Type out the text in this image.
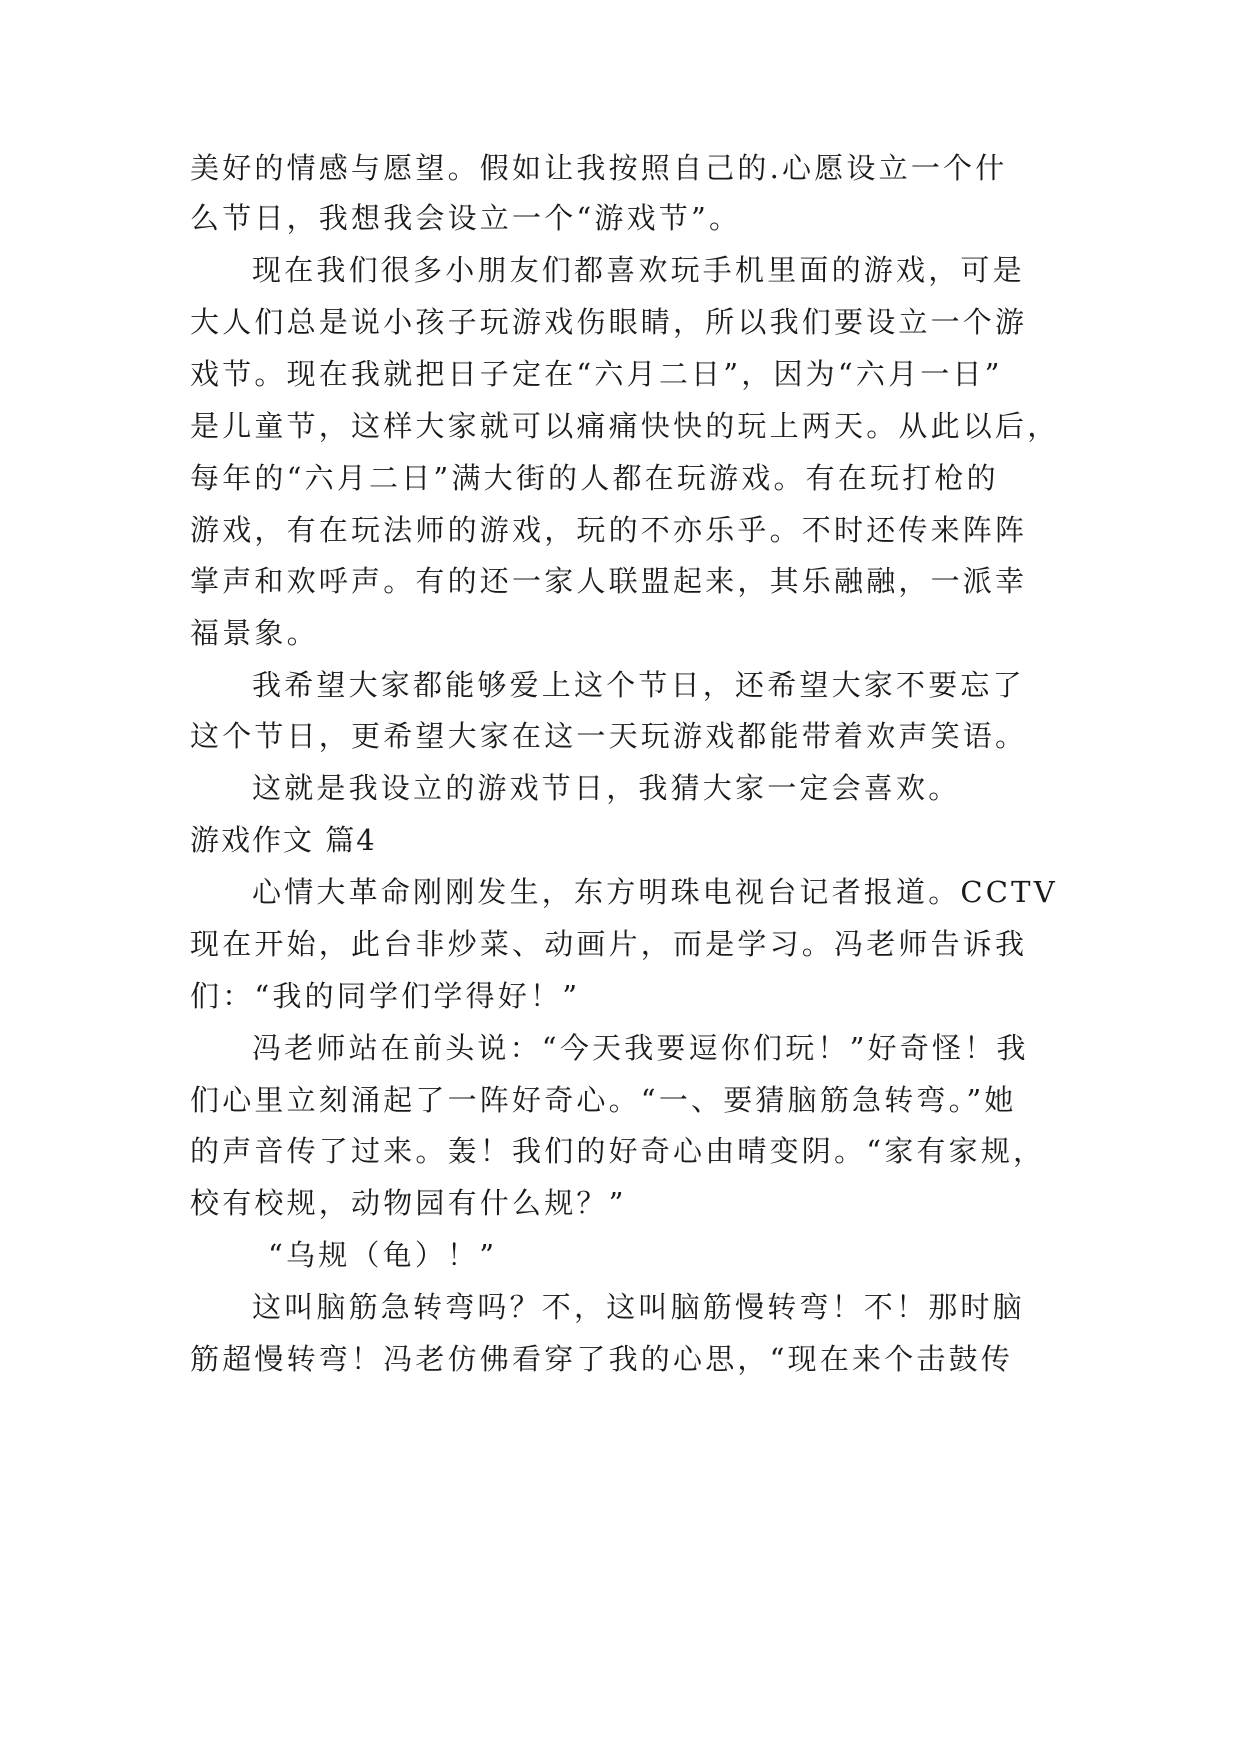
美好的情感与愿望。假如让我按照自己的.心愿设立一个什
么节日，我想我会设立一个“游戏节”。
现在我们很多小朋友们都喜欢玩手机里面的游戏，可是
大人们总是说小孩子玩游戏伤眼睛，所以我们要设立一个游
戏节。现在我就把日子定在“六月二日”，因为“六月一日”
是儿童节，这样大家就可以痛痛快快的玩上两天。从此以后，
每年的“六月二日”满大街的人都在玩游戏。有在玩打枪的
游戏，有在玩法师的游戏，玩的不亦乐乎。不时还传来阵阵
掌声和欢呼声。有的还一家人联盟起来，其乐融融，一派幸
福景象。
我希望大家都能够爱上这个节日，还希望大家不要忘了
这个节日，更希望大家在这一天玩游戏都能带着欢声笑语。
这就是我设立的游戏节日，我猜大家一定会喜欢。
游戏作文 篇4
心情大革命刚刚发生，东方明珠电视台记者报道。CCTV
现在开始，此台非炒菜、动画片，而是学习。冯老师告诉我
们：“我的同学们学得好！”
冯老师站在前头说：“今天我要逗你们玩！”好奇怪！我
们心里立刻涌起了一阵好奇心。“一、要猜脑筋急转弯。”她
的声音传了过来。轰！我们的好奇心由晴变阴。“家有家规，
校有校规，动物园有什么规？”
“乌规（龟）！”
这叫脑筋急转弯吗？不，这叫脑筋慢转弯！不！那时脑
筋超慢转弯！冯老仿佛看穿了我的心思，“现在来个击鼓传
